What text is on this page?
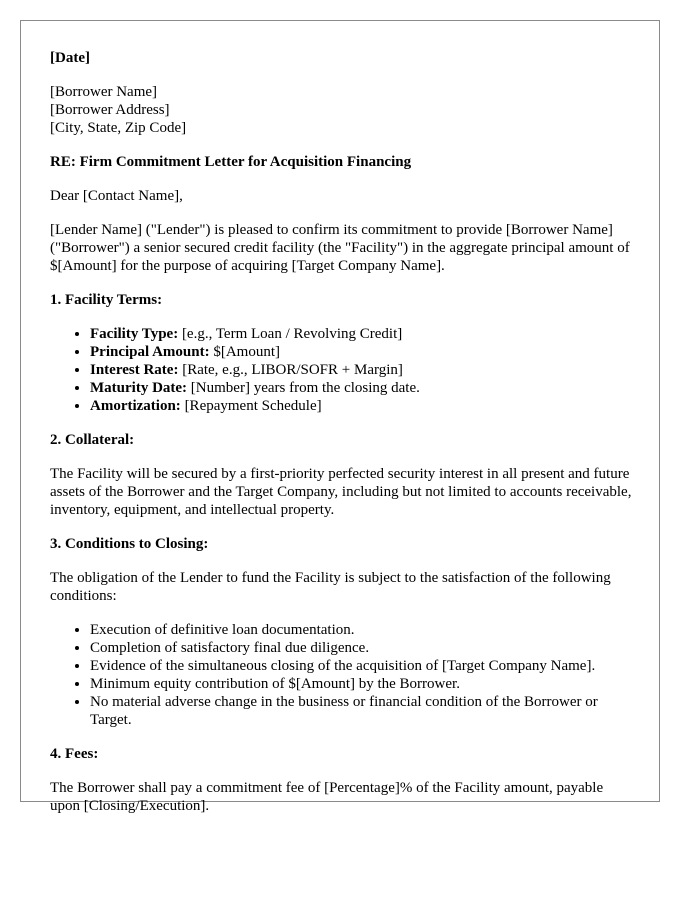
[Date]

[Borrower Name]
[Borrower Address]
[City, State, Zip Code]

RE: Firm Commitment Letter for Acquisition Financing

Dear [Contact Name],

[Lender Name] ("Lender") is pleased to confirm its commitment to provide [Borrower Name] ("Borrower") a senior secured credit facility (the "Facility") in the aggregate principal amount of $[Amount] for the purpose of acquiring [Target Company Name].

1. Facility Terms:
• Facility Type: [e.g., Term Loan / Revolving Credit]
• Principal Amount: $[Amount]
• Interest Rate: [Rate, e.g., LIBOR/SOFR + Margin]
• Maturity Date: [Number] years from the closing date.
• Amortization: [Repayment Schedule]
2. Collateral:

The Facility will be secured by a first-priority perfected security interest in all present and future assets of the Borrower and the Target Company, including but not limited to accounts receivable, inventory, equipment, and intellectual property.

3. Conditions to Closing:

The obligation of the Lender to fund the Facility is subject to the satisfaction of the following conditions:

• Execution of definitive loan documentation.
• Completion of satisfactory final due diligence.
• Evidence of the simultaneous closing of the acquisition of [Target Company Name].
• Minimum equity contribution of $[Amount] by the Borrower.
• No material adverse change in the business or financial condition of the Borrower or Target.
4. Fees:

The Borrower shall pay a commitment fee of [Percentage]% of the Facility amount, payable upon [Closing/Execution].
